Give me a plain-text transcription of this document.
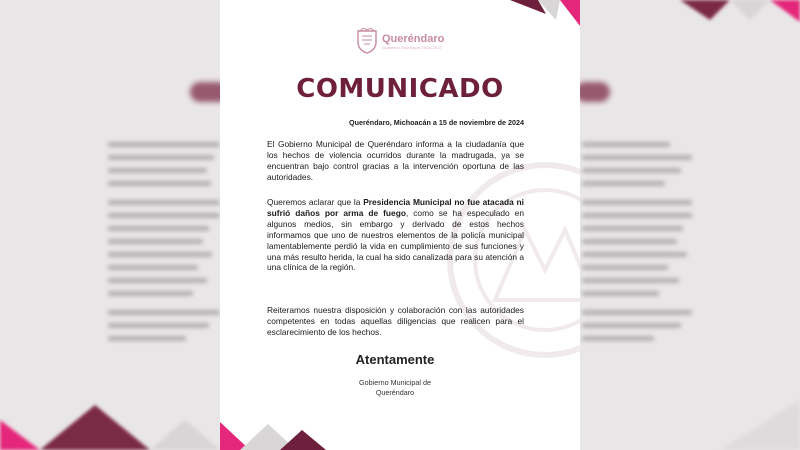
Queréndaro
Gobierno Municipal 2024-2027
COMUNICADO
Queréndaro, Michoacán a 15 de noviembre de 2024
El Gobierno Municipal de Queréndaro informa a la ciudadanía que los hechos de violencia ocurridos durante la madrugada, ya se encuentran bajo control gracias a la intervención oportuna de las autoridades.
Queremos aclarar que la Presidencia Municipal no fue atacada ni sufrió daños por arma de fuego, como se ha especulado en algunos medios, sin embargo y derivado de estos hechos informamos que uno de nuestros elementos de la policía municipal lamentablemente perdió la vida en cumplimiento de sus funciones y una más resulto herida, la cual ha sido canalizada para su atención a una clínica de la región.
Reiteramos nuestra disposición y colaboración con las autoridades competentes en todas aquellas diligencias que realicen para el esclarecimiento de los hechos.
Atentamente
Gobierno Municipal de
Queréndaro
